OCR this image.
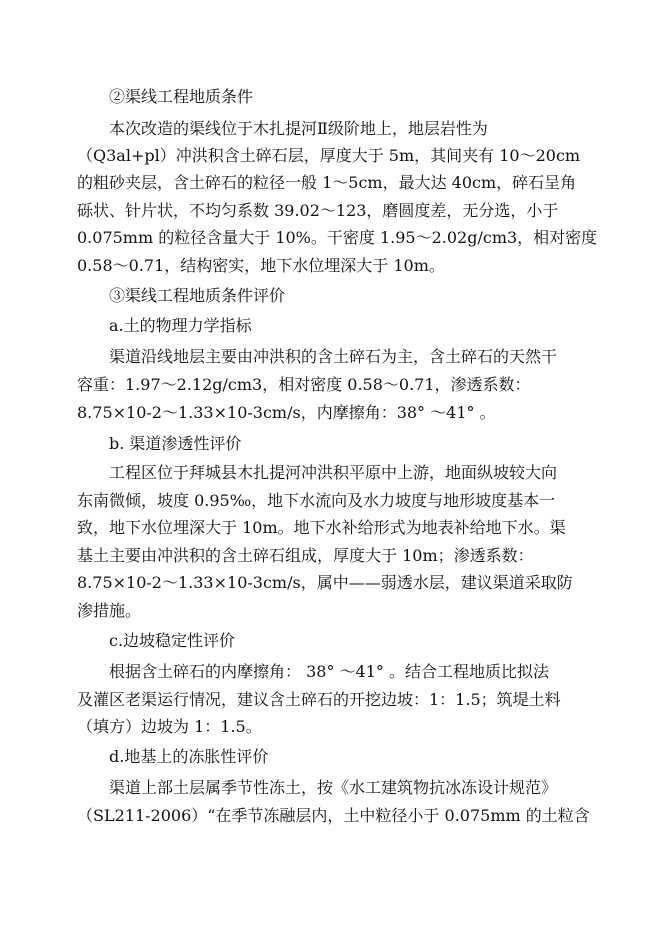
②渠线工程地质条件
本次改造的渠线位于木扎提河Ⅱ级阶地上，地层岩性为
（Q3al+pl）冲洪积含土碎石层，厚度大于 5m，其间夹有 10～20cm
的粗砂夹层，含土碎石的粒径一般 1～5cm，最大达 40cm，碎石呈角
砾状、针片状，不均匀系数 39.02～123，磨圆度差，无分选，小于
0.075mm 的粒径含量大于 10%。干密度 1.95～2.02g/cm3，相对密度
0.58～0.71，结构密实，地下水位埋深大于 10m。
③渠线工程地质条件评价
a.土的物理力学指标
渠道沿线地层主要由冲洪积的含土碎石为主，含土碎石的天然干
容重：1.97～2.12g/cm3，相对密度 0.58～0.71，渗透系数：
8.75×10-2～1.33×10-3cm/s，内摩擦角：38° ～41° 。
b. 渠道渗透性评价
工程区位于拜城县木扎提河冲洪积平原中上游，地面纵坡较大向
东南微倾，坡度 0.95‰，地下水流向及水力坡度与地形坡度基本一
致，地下水位埋深大于 10m。地下水补给形式为地表补给地下水。渠
基土主要由冲洪积的含土碎石组成，厚度大于 10m；渗透系数：
8.75×10-2～1.33×10-3cm/s，属中——弱透水层，建议渠道采取防
渗措施。
c.边坡稳定性评价
根据含土碎石的内摩擦角： 38° ～41° 。结合工程地质比拟法
及灌区老渠运行情况，建议含土碎石的开挖边坡：1：1.5；筑堤土料
（填方）边坡为 1：1.5。
d.地基上的冻胀性评价
渠道上部土层属季节性冻土，按《水工建筑物抗冰冻设计规范》
（SL211-2006）“在季节冻融层内，土中粒径小于 0.075mm 的土粒含
